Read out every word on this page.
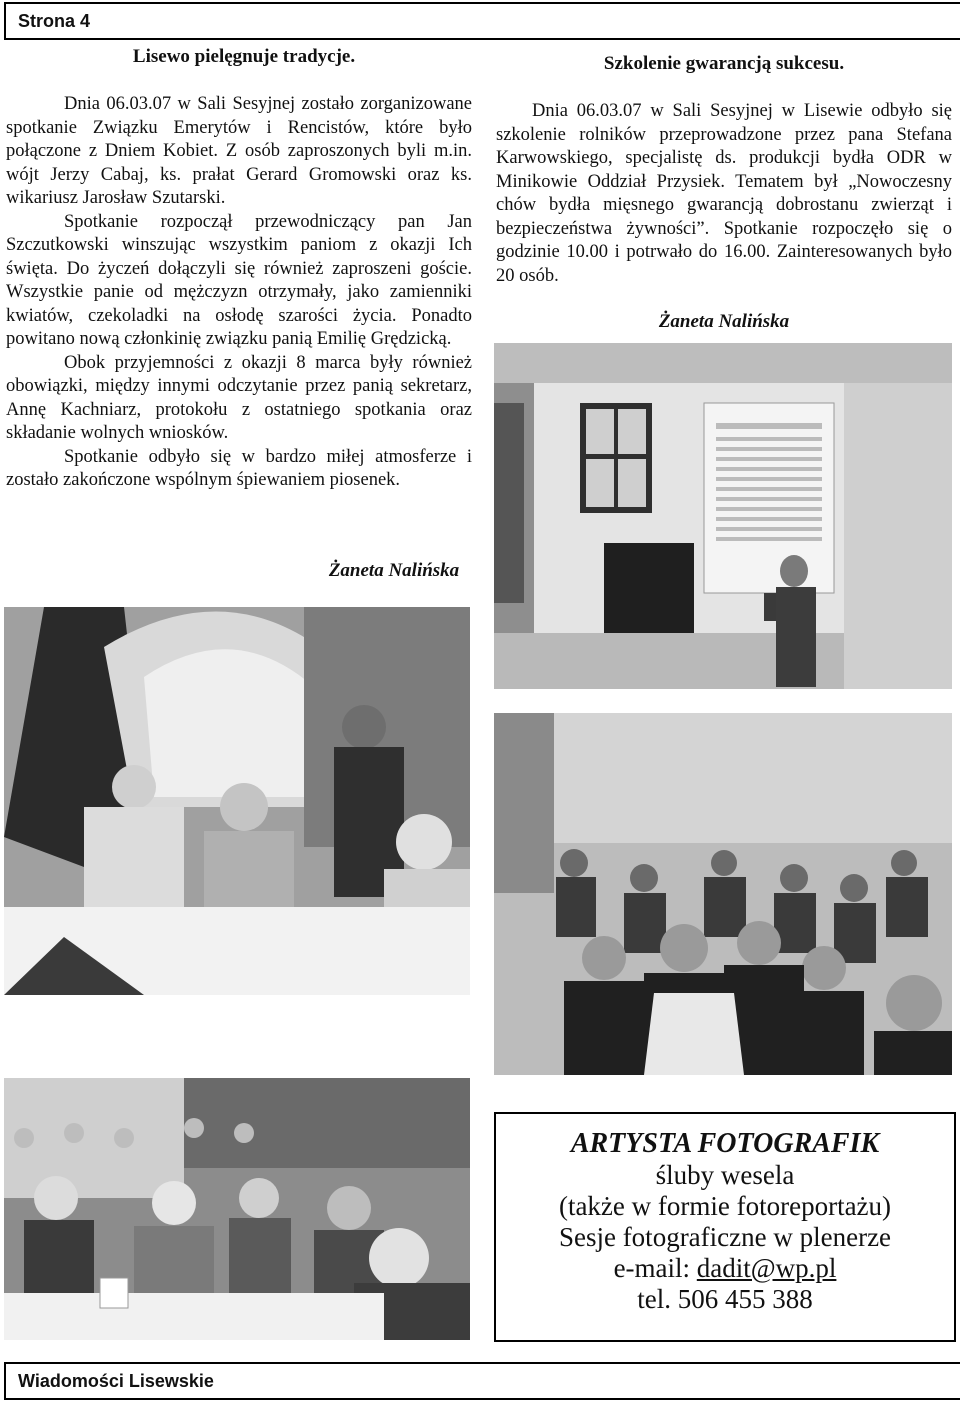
Strona 4
Lisewo pielęgnuje tradycje.

Dnia 06.03.07 w Sali Sesyjnej zostało zorganizowane spotkanie Związku Emerytów i Rencistów, które było połączone z Dniem Kobiet. Z osób zaproszonych byli m.in. wójt Jerzy Cabaj, ks. prałat Gerard Gromowski oraz ks. wikariusz Jarosław Szutarski.

Spotkanie rozpoczął przewodniczący pan Jan Szczutkowski winszując wszystkim paniom z okazji Ich święta. Do życzeń dołączyli się również zaproszeni goście. Wszystkie panie od mężczyzn otrzymały, jako zamienniki kwiatów, czekoladki na osłodę szarości życia. Ponadto powitano nową członkinię związku panią Emilię Grędzicką.

Obok przyjemności z okazji 8 marca były również obowiązki, między innymi odczytanie przez panią sekretarz, Annę Kachniarz, protokołu z ostatniego spotkania oraz składanie wolnych wniosków.

Spotkanie odbyło się w bardzo miłej atmosferze i zostało zakończone wspólnym śpiewaniem piosenek.

Żaneta Nalińska
Szkolenie gwarancją sukcesu.

Dnia 06.03.07 w Sali Sesyjnej w Lisewie odbyło się szkolenie rolników przeprowadzone przez pana Stefana Karwowskiego, specjalistę ds. produkcji bydła ODR w Minikowie Oddział Przysiek. Tematem był „Nowoczesny chów bydła mięsnego gwarancją dobrostanu zwierząt i bezpieczeństwa żywności”. Spotkanie rozpoczęło się o godzinie 10.00 i potrwało do 16.00. Zainteresowanych było 20 osób.

Żaneta Nalińska
ARTYSTA FOTOGRAFIK
śluby wesela
(także w formie fotoreportażu)
Sesje fotograficzne w plenerze
e-mail: dadit@wp.pl
tel. 506 455 388
Wiadomości Lisewskie
